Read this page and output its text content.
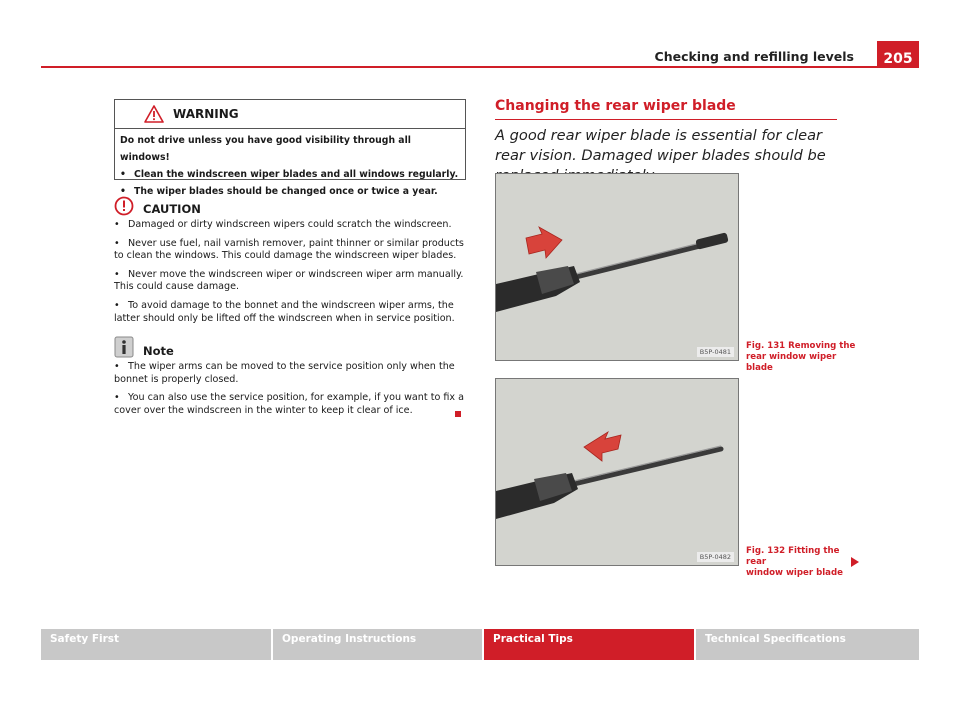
Checking and refilling levels	205
WARNING
Do not drive unless you have good visibility through all windows!
• Clean the windscreen wiper blades and all windows regularly.
• The wiper blades should be changed once or twice a year.
CAUTION

• Damaged or dirty windscreen wipers could scratch the windscreen.

• Never use fuel, nail varnish remover, paint thinner or similar products to clean the windows. This could damage the windscreen wiper blades.

• Never move the windscreen wiper or windscreen wiper arm manually. This could cause damage.

• To avoid damage to the bonnet and the windscreen wiper arms, the latter should only be lifted off the windscreen when in service position.

Note

• The wiper arms can be moved to the service position only when the bonnet is properly closed.

• You can also use the service position, for example, if you want to fix a cover over the windscreen in the winter to keep it clear of ice.

Changing the rear wiper blade
A good rear wiper blade is essential for clear rear vision. Damaged wiper blades should be
B5P-0481
Fig. 131 Removing the
rear window wiper blade
B5P-0482
Fig. 132 Fitting the rear
window wiper blade
Safety First	Operating Instructions	Practical Tips	Technical Specifications
